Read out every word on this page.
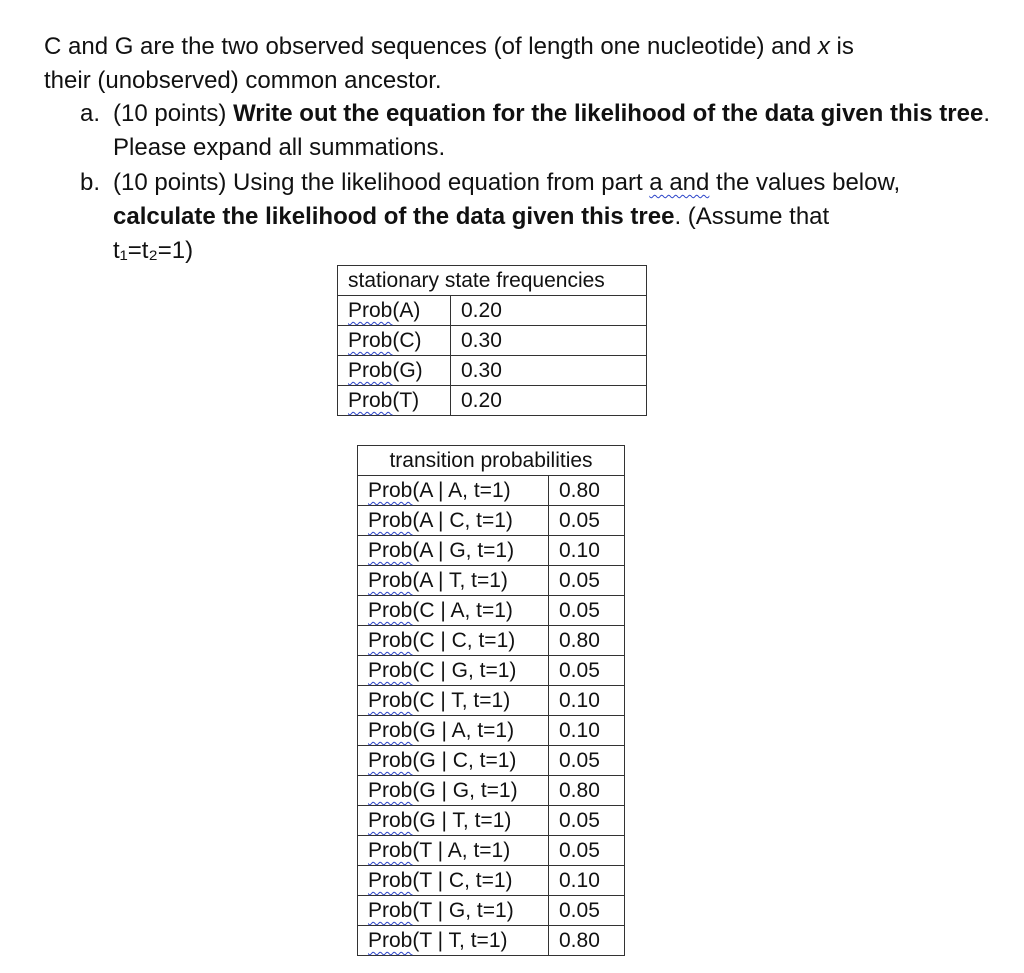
C and G are the two observed sequences (of length one nucleotide) and x is
their (unobserved) common ancestor.
a. (10 points) Write out the equation for the likelihood of the data given this tree. Please expand all summations.
b. (10 points) Using the likelihood equation from part a and the values below,
calculate the likelihood of the data given this tree. (Assume that
t₁=t₂=1)
stationary state frequencies	
Prob(A)	0.20
Prob(C)	0.30
Prob(G)	0.30
Prob(T)	0.20
transition probabilities	
Prob(A | A, t=1)	0.80
Prob(A | C, t=1)	0.05
Prob(A | G, t=1)	0.10
Prob(A | T, t=1)	0.05
Prob(C | A, t=1)	0.05
Prob(C | C, t=1)	0.80
Prob(C | G, t=1)	0.05
Prob(C | T, t=1)	0.10
Prob(G | A, t=1)	0.10
Prob(G | C, t=1)	0.05
Prob(G | G, t=1)	0.80
Prob(G | T, t=1)	0.05
Prob(T | A, t=1)	0.05
Prob(T | C, t=1)	0.10
Prob(T | G, t=1)	0.05
Prob(T | T, t=1)	0.80
